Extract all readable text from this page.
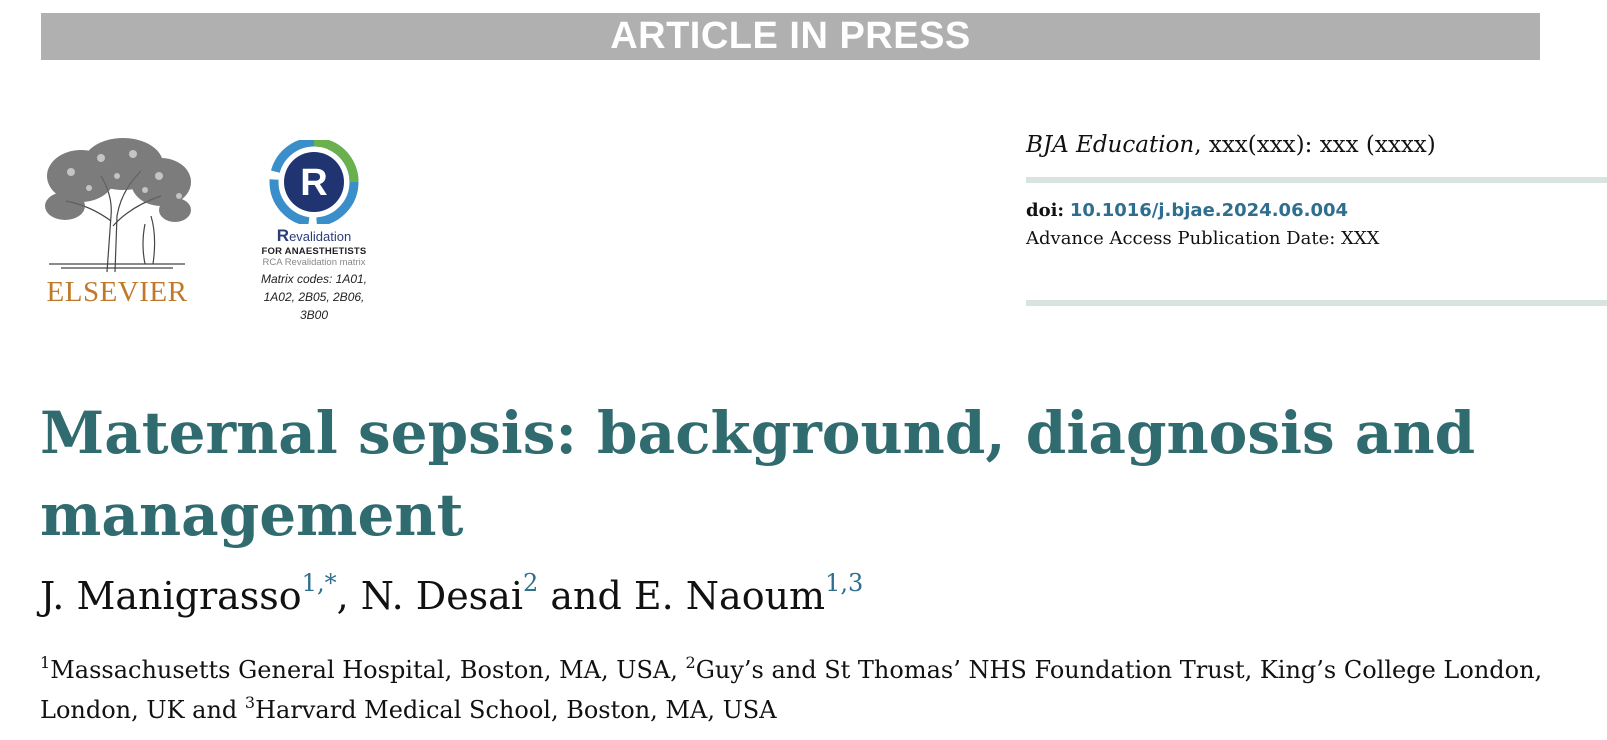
ARTICLE IN PRESS
ELSEVIER
R
Revalidation
FOR ANAESTHETISTS
RCA Revalidation matrix
Matrix codes: 1A01,
1A02, 2B05, 2B06,
3B00
BJA Education, xxx(xxx): xxx (xxxx)
doi: 10.1016/j.bjae.2024.06.004
Advance Access Publication Date: XXX
Maternal sepsis: background, diagnosis and management
J. Manigrasso$^{1,*}$, N. Desai$^2$ and E. Naoum$^{1,3}$
$^1$Massachusetts General Hospital, Boston, MA, USA, $^2$Guy’s and St Thomas’ NHS Foundation Trust, King’s College London, London, UK and $^3$Harvard Medical School, Boston, MA, USA
